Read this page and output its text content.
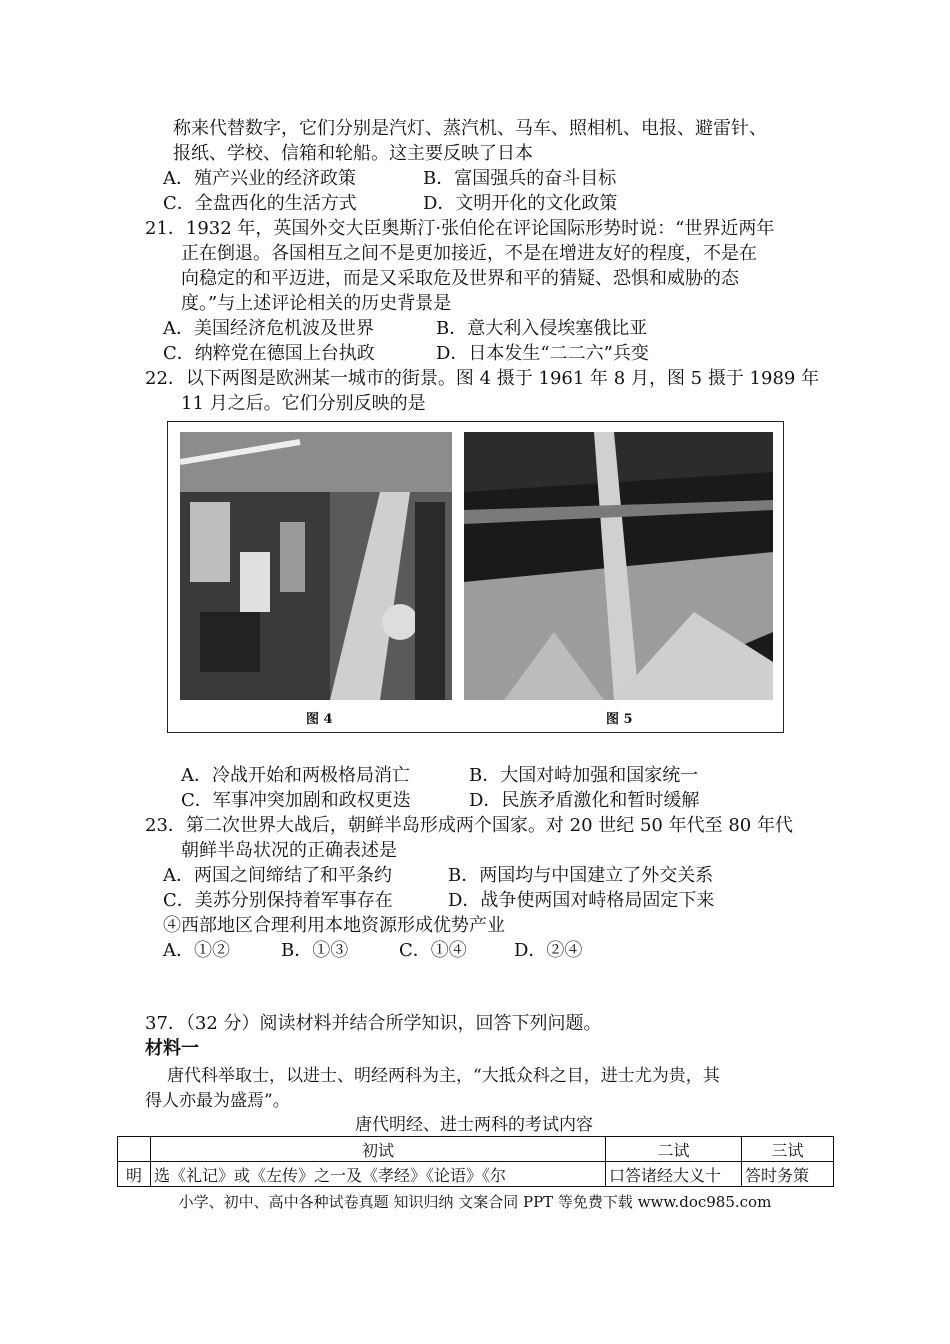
称来代替数字，它们分别是汽灯、蒸汽机、马车、照相机、电报、避雷针、
报纸、学校、信箱和轮船。这主要反映了日本
A．殖产兴业的经济政策	B．富国强兵的奋斗目标
C．全盘西化的生活方式	D．文明开化的文化政策
21．1932 年，英国外交大臣奥斯汀·张伯伦在评论国际形势时说：“世界近两年
正在倒退。各国相互之间不是更加接近，不是在增进友好的程度，不是在
向稳定的和平迈进，而是又采取危及世界和平的猜疑、恐惧和威胁的态
度。”与上述评论相关的历史背景是
A．美国经济危机波及世界	B．意大利入侵埃塞俄比亚
C．纳粹党在德国上台执政	D．日本发生“二二六”兵变
22．以下两图是欧洲某一城市的街景。图 4 摄于 1961 年 8 月，图 5 摄于 1989 年
11 月之后。它们分别反映的是
图 4	图 5
A．冷战开始和两极格局消亡	B．大国对峙加强和国家统一
C．军事冲突加剧和政权更迭	D．民族矛盾激化和暂时缓解
23．第二次世界大战后，朝鲜半岛形成两个国家。对 20 世纪 50 年代至 80 年代
朝鲜半岛状况的正确表述是
A．两国之间缔结了和平条约	B．两国均与中国建立了外交关系
C．美苏分别保持着军事存在	D．战争使两国对峙格局固定下来
④西部地区合理利用本地资源形成优势产业
A．①②	B．①③	C．①④	D．②④
37．（32 分）阅读材料并结合所学知识，回答下列问题。
材料一
唐代科举取士，以进士、明经两科为主，“大抵众科之目，进士尤为贵，其
得人亦最为盛焉”。
唐代明经、进士两科的考试内容
	初试	二试	三试
明	选《礼记》或《左传》之一及《孝经》《论语》《尔	口答诸经大义十	答时务策
小学、初中、高中各种试卷真题 知识归纳 文案合同 PPT 等免费下载 www.doc985.com
